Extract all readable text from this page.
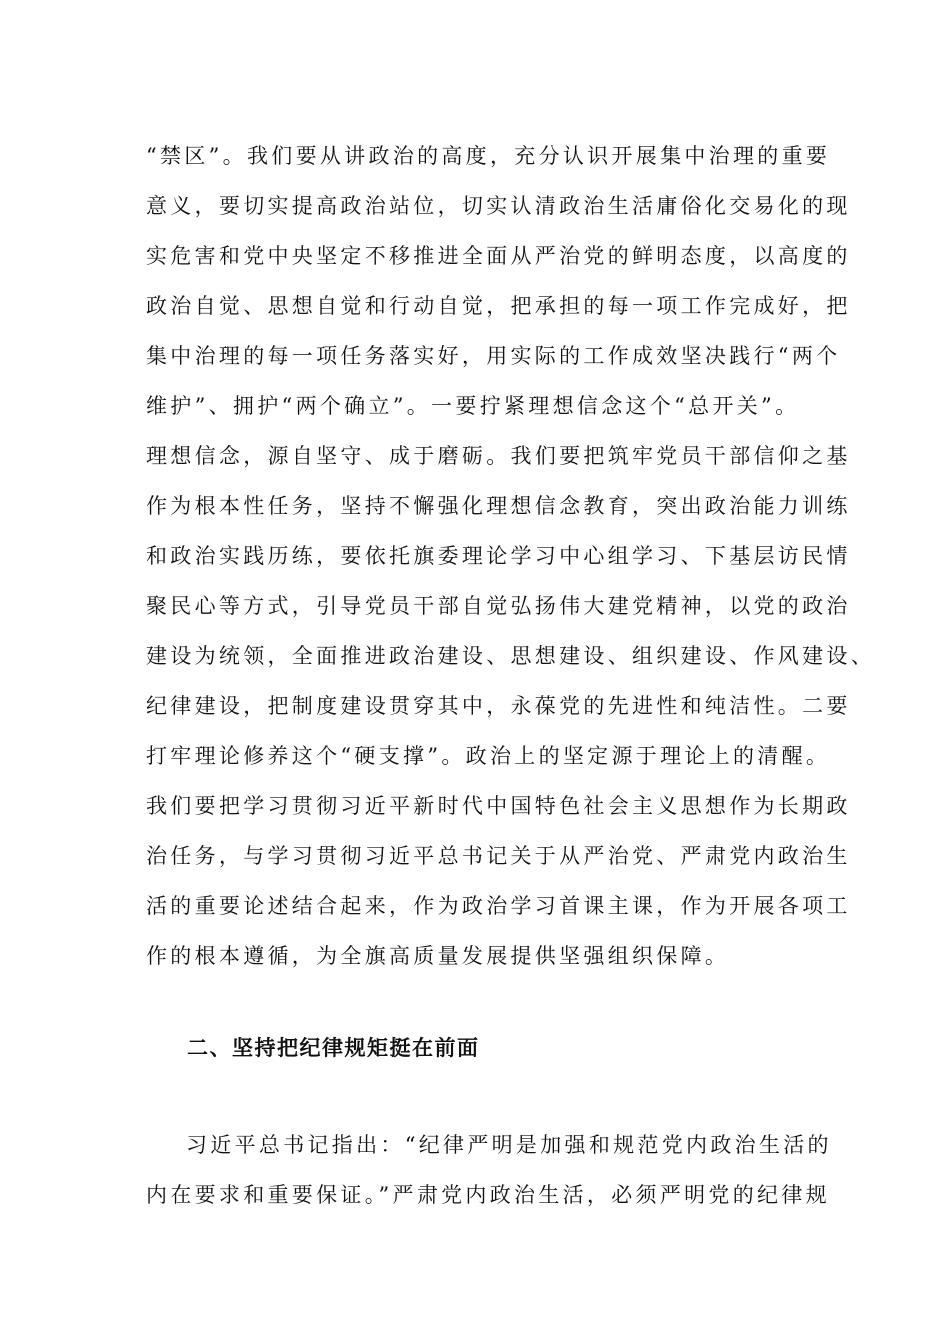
“禁区”。我们要从讲政治的高度，充分认识开展集中治理的重要
意义，要切实提高政治站位，切实认清政治生活庸俗化交易化的现
实危害和党中央坚定不移推进全面从严治党的鲜明态度，以高度的
政治自觉、思想自觉和行动自觉，把承担的每一项工作完成好，把
集中治理的每一项任务落实好，用实际的工作成效坚决践行“两个
维护”、拥护“两个确立”。一要拧紧理想信念这个“总开关”。
理想信念，源自坚守、成于磨砺。我们要把筑牢党员干部信仰之基
作为根本性任务，坚持不懈强化理想信念教育，突出政治能力训练
和政治实践历练，要依托旗委理论学习中心组学习、下基层访民情
聚民心等方式，引导党员干部自觉弘扬伟大建党精神，以党的政治
建设为统领，全面推进政治建设、思想建设、组织建设、作风建设、
纪律建设，把制度建设贯穿其中，永葆党的先进性和纯洁性。二要
打牢理论修养这个“硬支撑”。政治上的坚定源于理论上的清醒。
我们要把学习贯彻习近平新时代中国特色社会主义思想作为长期政
治任务，与学习贯彻习近平总书记关于从严治党、严肃党内政治生
活的重要论述结合起来，作为政治学习首课主课，作为开展各项工
作的根本遵循，为全旗高质量发展提供坚强组织保障。
二、坚持把纪律规矩挺在前面
习近平总书记指出：“纪律严明是加强和规范党内政治生活的
内在要求和重要保证。”严肃党内政治生活，必须严明党的纪律规
